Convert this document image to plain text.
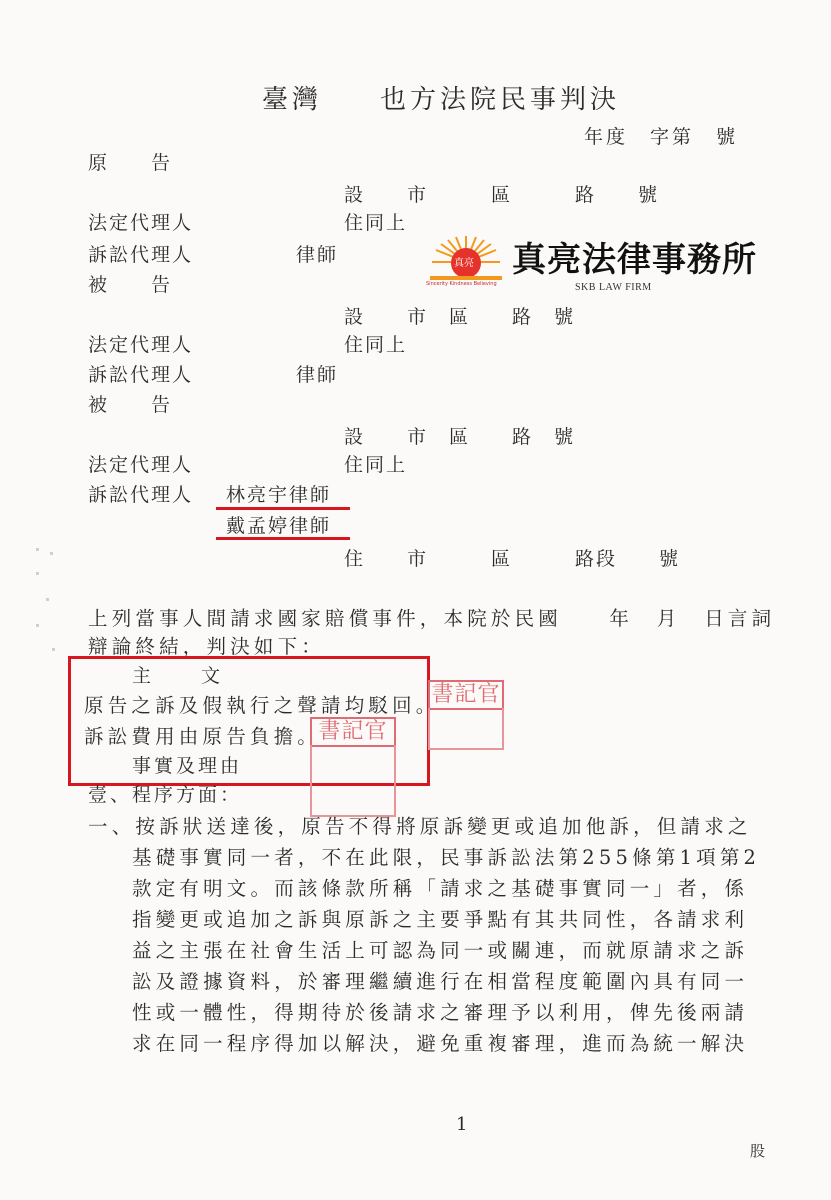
臺灣 也方法院民事判決
年度　字第　號
原　　告
設　　市　　　區　　　路　　號
法定代理人	住同上
訴訟代理人	律師	真亮
Sincerity Kindness Believing
真亮法律事務所
SKB LAW FIRM
被　　告
設　　市　區　　路　號
法定代理人	住同上
訴訟代理人	律師
被　　告
設　　市　區　　路　號
法定代理人	住同上
訴訟代理人 林亮宇律師
戴孟婷律師
住　　市　　　區　　　路段　　號
上列當事人間請求國家賠償事件，本院於民國　　年　月　日言詞
辯論終結，判決如下：
主　　文
原告之訴及假執行之聲請均駁回。
訴訟費用由原告負擔。
書記官
書記官
事實及理由
壹、程序方面：
一、按訴狀送達後，原告不得將原訴變更或追加他訴，但請求之
基礎事實同一者，不在此限，民事訴訟法第255條第1項第2
款定有明文。而該條款所稱「請求之基礎事實同一」者，係
指變更或追加之訴與原訴之主要爭點有其共同性，各請求利
益之主張在社會生活上可認為同一或關連，而就原請求之訴
訟及證據資料，於審理繼續進行在相當程度範圍內具有同一
性或一體性，得期待於後請求之審理予以利用，俾先後兩請
求在同一程序得加以解決，避免重複審理，進而為統一解決
1
股
